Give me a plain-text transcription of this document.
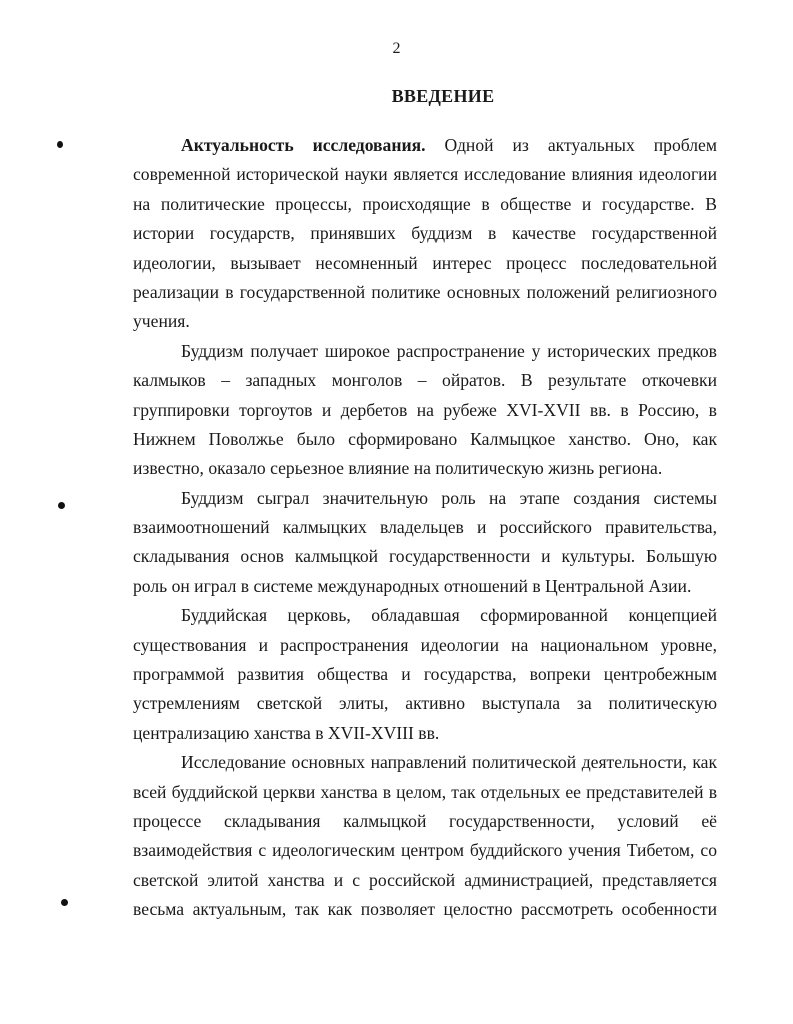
2
ВВЕДЕНИЕ
Актуальность исследования. Одной из актуальных проблем
современной исторической науки является исследование влияния идеологии
на политические процессы, происходящие в обществе и государстве. В
истории государств, принявших буддизм в качестве государственной
идеологии, вызывает несомненный интерес процесс последовательной
реализации в государственной политике основных положений религиозного
учения.
Буддизм получает широкое распространение у исторических предков
калмыков – западных монголов – ойратов. В результате откочевки
группировки торгоутов и дербетов на рубеже XVI-XVII вв. в Россию, в
Нижнем Поволжье было сформировано Калмыцкое ханство. Оно, как
известно, оказало серьезное влияние на политическую жизнь региона.
Буддизм сыграл значительную роль на этапе создания системы
взаимоотношений калмыцких владельцев и российского правительства,
складывания основ калмыцкой государственности и культуры. Большую
роль он играл в системе международных отношений в Центральной Азии.
Буддийская церковь, обладавшая сформированной концепцией
существования и распространения идеологии на национальном уровне,
программой развития общества и государства, вопреки центробежным
устремлениям светской элиты, активно выступала за политическую
централизацию ханства в XVII-XVIII вв.
Исследование основных направлений политической деятельности, как
всей буддийской церкви ханства в целом, так отдельных ее представителей в
процессе складывания калмыцкой государственности, условий её
взаимодействия с идеологическим центром буддийского учения Тибетом, со
светской элитой ханства и с российской администрацией, представляется
весьма актуальным, так как позволяет целостно рассмотреть особенности
